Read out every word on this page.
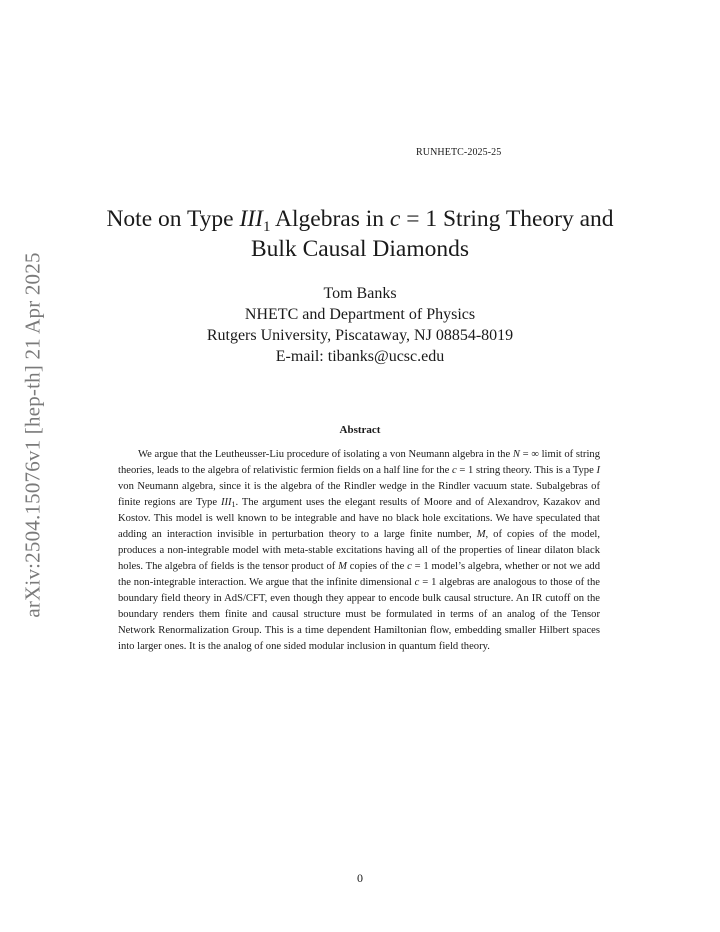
arXiv:2504.15076v1 [hep-th] 21 Apr 2025
RUNHETC-2025-25
Note on Type $III_1$ Algebras in c = 1 String Theory and
Bulk Causal Diamonds
Tom Banks
NHETC and Department of Physics
Rutgers University, Piscataway, NJ 08854-8019
E-mail: tibanks@ucsc.edu
Abstract
We argue that the Leutheusser-Liu procedure of isolating a von Neumann algebra in the N = ∞ limit of string theories, leads to the algebra of relativistic fermion fields on a half line for the c = 1 string theory. This is a Type I von Neumann algebra, since it is the algebra of the Rindler wedge in the Rindler vacuum state. Subalgebras of finite regions are Type $III_1$. The argument uses the elegant results of Moore and of Alexandrov, Kazakov and Kostov. This model is well known to be integrable and have no black hole excitations. We have speculated that adding an interaction invisible in perturbation theory to a large finite number, M, of copies of the model, produces a non-integrable model with meta-stable excitations having all of the properties of linear dilaton black holes. The algebra of fields is the tensor product of M copies of the c = 1 model’s algebra, whether or not we add the non-integrable interaction. We argue that the infinite dimensional c = 1 algebras are analogous to those of the boundary field theory in AdS/CFT, even though they appear to encode bulk causal structure. An IR cutoff on the boundary renders them finite and causal structure must be formulated in terms of an analog of the Tensor Network Renormalization Group. This is a time dependent Hamiltonian flow, embedding smaller Hilbert spaces into larger ones. It is the analog of one sided modular inclusion in quantum field theory.
0
